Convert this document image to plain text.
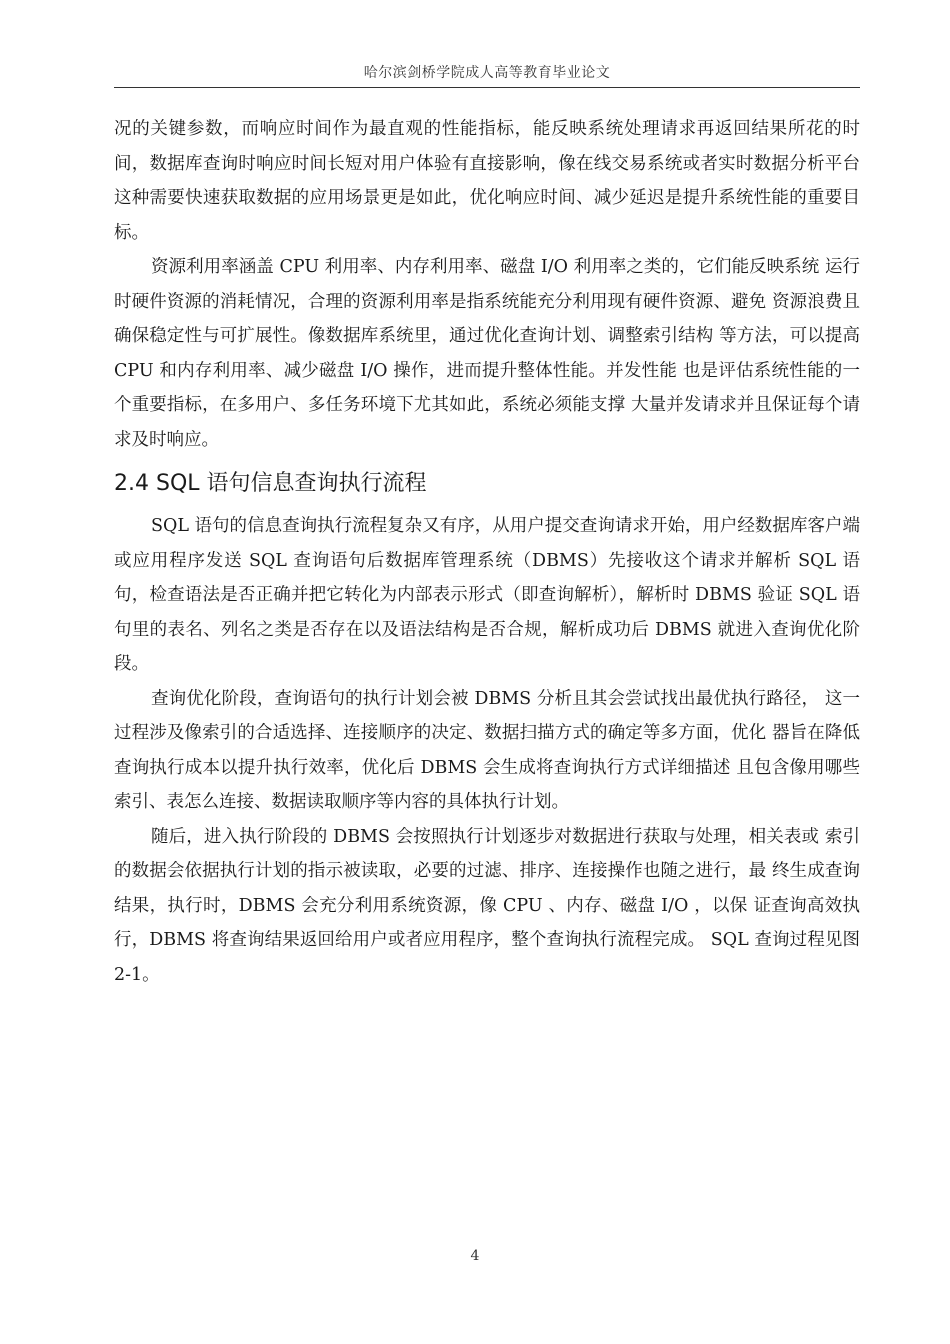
哈尔滨剑桥学院成人高等教育毕业论文

况的关键参数，而响应时间作为最直观的性能指标，能反映系统处理请求再返回结果所花的时间，数据库查询时响应时间长短对用户体验有直接影响，像在线交易系统或者实时数据分析平台这种需要快速获取数据的应用场景更是如此，优化响应时间、减少延迟是提升系统性能的重要目标。

资源利用率涵盖 CPU 利用率、内存利用率、磁盘 I/O 利用率之类的，它们能反映系统 运行时硬件资源的消耗情况，合理的资源利用率是指系统能充分利用现有硬件资源、避免 资源浪费且确保稳定性与可扩展性。像数据库系统里，通过优化查询计划、调整索引结构 等方法，可以提高 CPU 和内存利用率、减少磁盘 I/O 操作，进而提升整体性能。并发性能 也是评估系统性能的一个重要指标，在多用户、多任务环境下尤其如此，系统必须能支撑 大量并发请求并且保证每个请求及时响应。

2.4 SQL 语句信息查询执行流程

SQL 语句的信息查询执行流程复杂又有序，从用户提交查询请求开始，用户经数据库客户端或应用程序发送 SQL 查询语句后数据库管理系统（DBMS）先接收这个请求并解析 SQL 语句，检查语法是否正确并把它转化为内部表示形式（即查询解析），解析时 DBMS 验证 SQL 语句里的表名、列名之类是否存在以及语法结构是否合规，解析成功后 DBMS 就进入查询优化阶段。

查询优化阶段，查询语句的执行计划会被 DBMS 分析且其会尝试找出最优执行路径， 这一过程涉及像索引的合适选择、连接顺序的决定、数据扫描方式的确定等多方面，优化 器旨在降低查询执行成本以提升执行效率，优化后 DBMS 会生成将查询执行方式详细描述 且包含像用哪些索引、表怎么连接、数据读取顺序等内容的具体执行计划。

随后，进入执行阶段的 DBMS 会按照执行计划逐步对数据进行获取与处理，相关表或 索引的数据会依据执行计划的指示被读取，必要的过滤、排序、连接操作也随之进行，最 终生成查询结果，执行时，DBMS 会充分利用系统资源，像 CPU 、内存、磁盘 I/O ，以保 证查询高效执行，DBMS 将查询结果返回给用户或者应用程序，整个查询执行流程完成。 SQL 查询过程见图 2-1。

4
